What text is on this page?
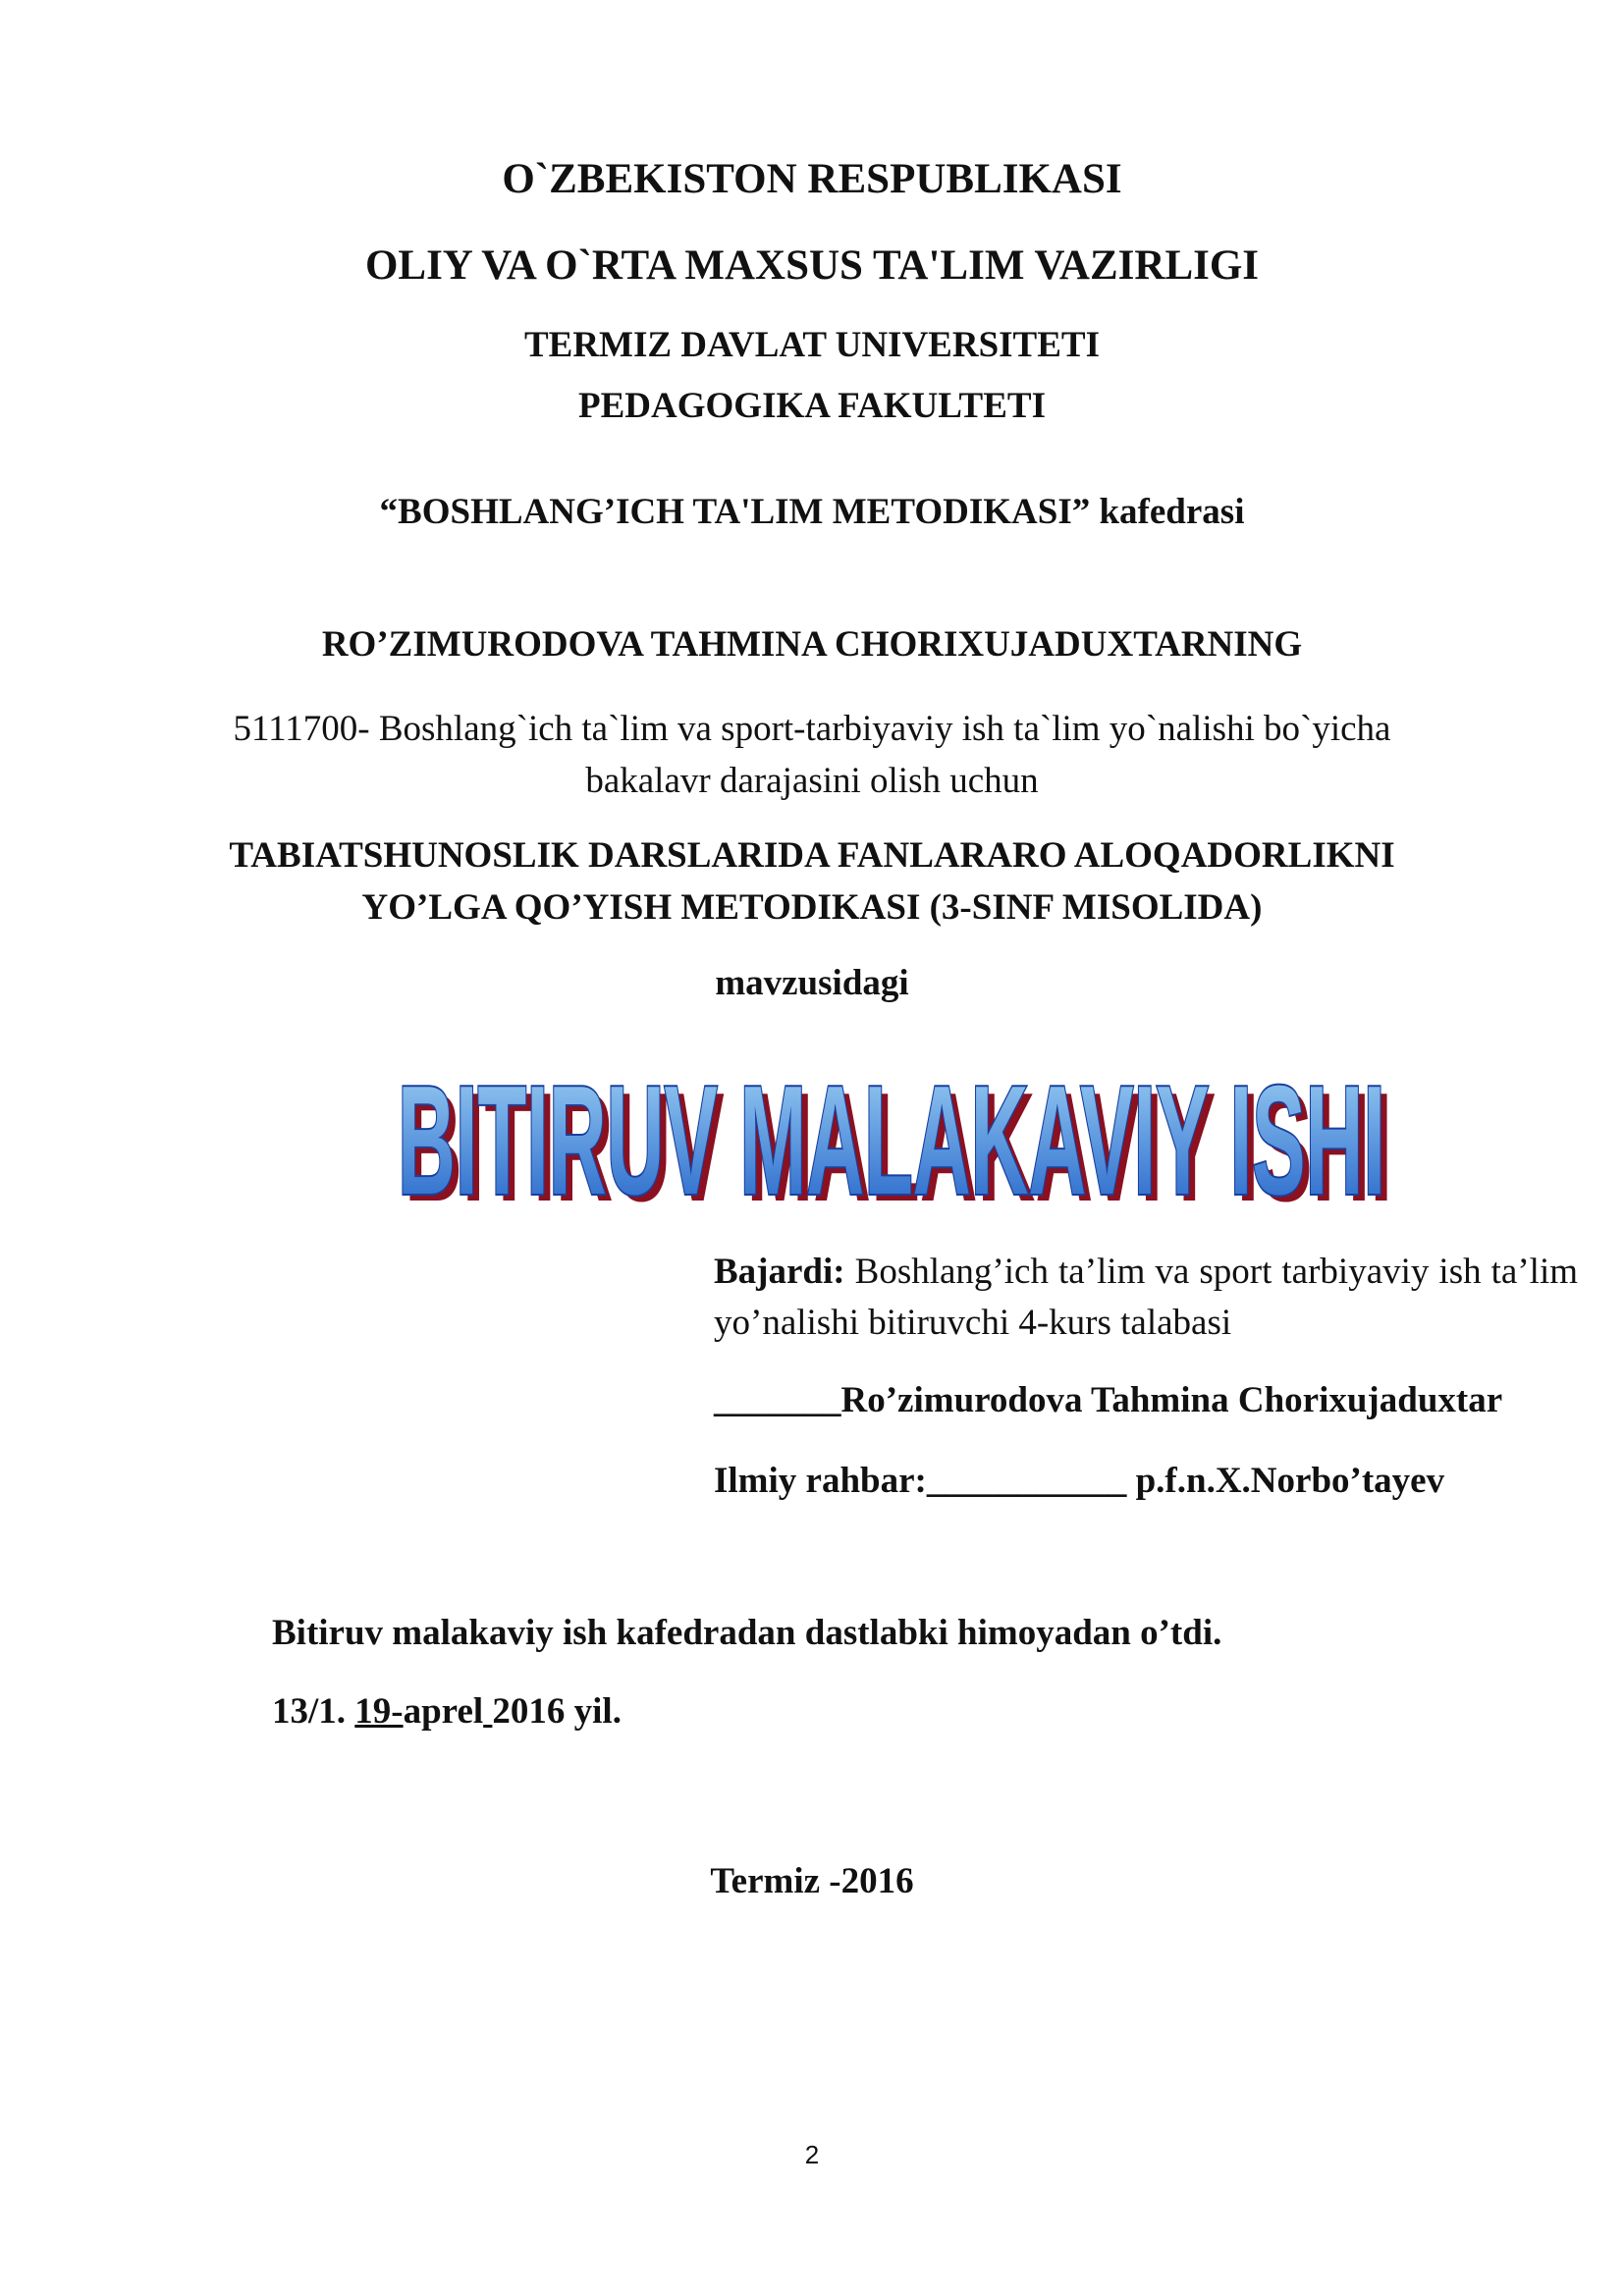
O`ZBEKISTON RESPUBLIKASI
OLIY VA O`RTA MAXSUS TA'LIM VAZIRLIGI
TERMIZ DAVLAT UNIVERSITETI
PEDAGOGIKA FAKULTETI
“BOSHLANG’ICH TA'LIM METODIKASI” kafedrasi
RO’ZIMURODOVA TAHMINA CHORIXUJADUXTARNING
5111700- Boshlang`ich ta`lim va sport-tarbiyaviy ish ta`lim yo`nalishi bo`yicha
bakalavr darajasini olish uchun
TABIATSHUNOSLIK DARSLARIDA FANLARARO ALOQADORLIKNI
YO’LGA QO’YISH METODIKASI (3-SINF MISOLIDA)
mavzusidagi
BITIRUV MALAKAVIY ISHI
BITIRUV MALAKAVIY ISHI
Bajardi: Boshlang’ich ta’lim va sport tarbiyaviy ish ta’lim yo’nalishi bitiruvchi 4-kurs talabasi
_______Ro’zimurodova Tahmina Chorixujaduxtar
Ilmiy rahbar:___________ p.f.n.X.Norbo’tayev
Bitiruv malakaviy ish kafedradan dastlabki himoyadan o’tdi.
13/1. 19-aprel 2016 yil.
Termiz -2016
2
